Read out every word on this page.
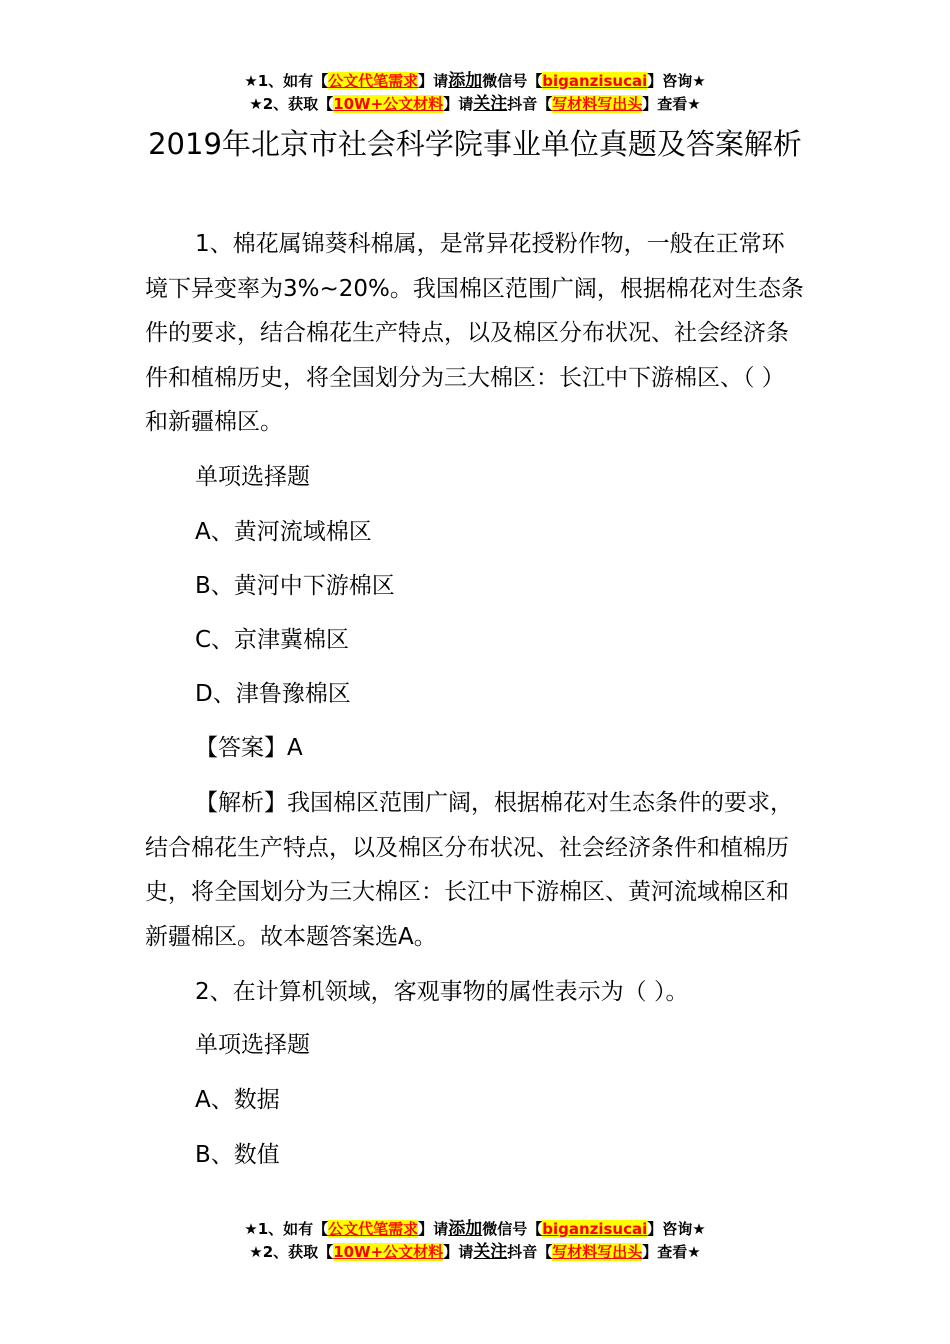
★1、如有【公文代笔需求】请添加微信号【biganzisucai】咨询★
★2、获取【10W+公文材料】请关注抖音【写材料写出头】查看★
2019年北京市社会科学院事业单位真题及答案解析

1、棉花属锦葵科棉属，是常异花授粉作物，一般在正常环境下异变率为3%~20%。我国棉区范围广阔，根据棉花对生态条件的要求，结合棉花生产特点，以及棉区分布状况、社会经济条件和植棉历史，将全国划分为三大棉区：长江中下游棉区、（ ）和新疆棉区。

单项选择题

A、黄河流域棉区

B、黄河中下游棉区

C、京津冀棉区

D、津鲁豫棉区

【答案】A

【解析】我国棉区范围广阔，根据棉花对生态条件的要求，结合棉花生产特点，以及棉区分布状况、社会经济条件和植棉历史，将全国划分为三大棉区：长江中下游棉区、黄河流域棉区和新疆棉区。故本题答案选A。

2、在计算机领域，客观事物的属性表示为（ ）。

单项选择题

A、数据

B、数值

★1、如有【公文代笔需求】请添加微信号【biganzisucai】咨询★
★2、获取【10W+公文材料】请关注抖音【写材料写出头】查看★
